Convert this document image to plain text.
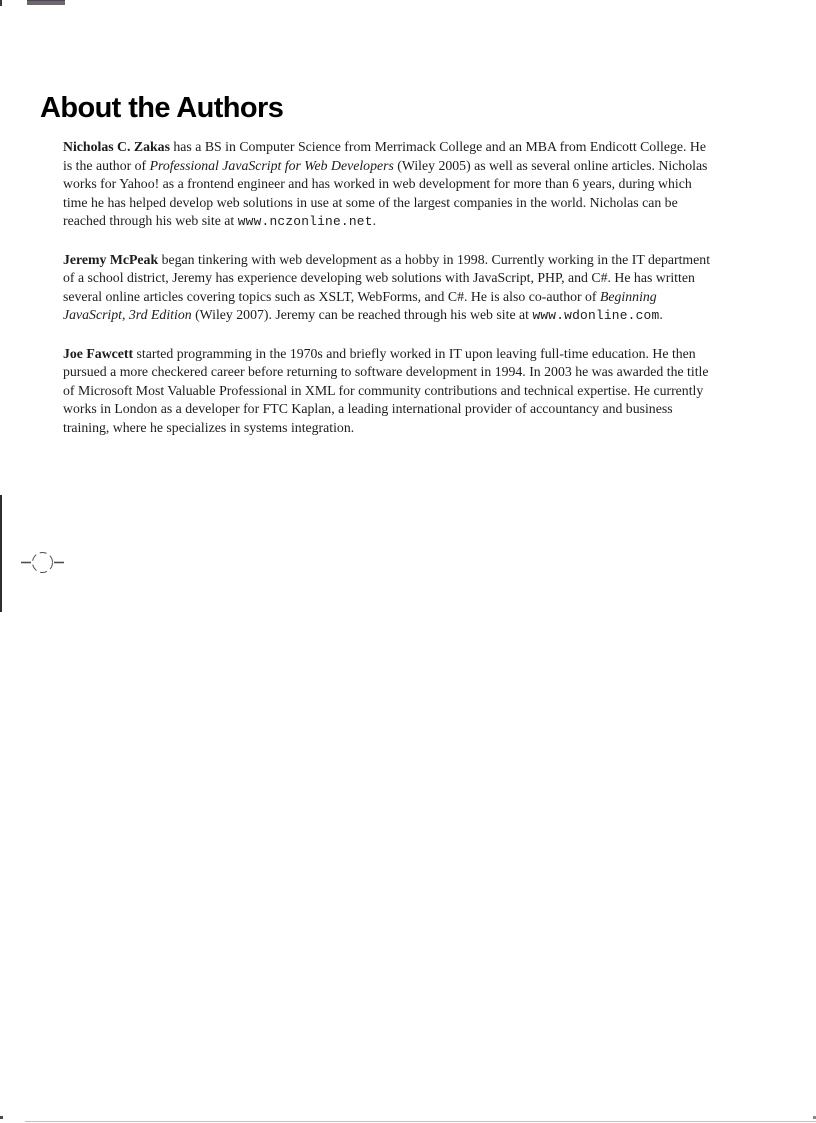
About the Authors

Nicholas C. Zakas has a BS in Computer Science from Merrimack College and an MBA from Endicott College. He is the author of Professional JavaScript for Web Developers (Wiley 2005) as well as several online articles. Nicholas works for Yahoo! as a frontend engineer and has worked in web development for more than 6 years, during which time he has helped develop web solutions in use at some of the largest companies in the world. Nicholas can be reached through his web site at www.nczonline.net.

Jeremy McPeak began tinkering with web development as a hobby in 1998. Currently working in the IT department of a school district, Jeremy has experience developing web solutions with JavaScript, PHP, and C#. He has written several online articles covering topics such as XSLT, WebForms, and C#. He is also co-author of Beginning JavaScript, 3rd Edition (Wiley 2007). Jeremy can be reached through his web site at www.wdonline.com.

Joe Fawcett started programming in the 1970s and briefly worked in IT upon leaving full-time education. He then pursued a more checkered career before returning to software development in 1994. In 2003 he was awarded the title of Microsoft Most Valuable Professional in XML for community contributions and technical expertise. He currently works in London as a developer for FTC Kaplan, a leading international provider of accountancy and business training, where he specializes in systems integration.
